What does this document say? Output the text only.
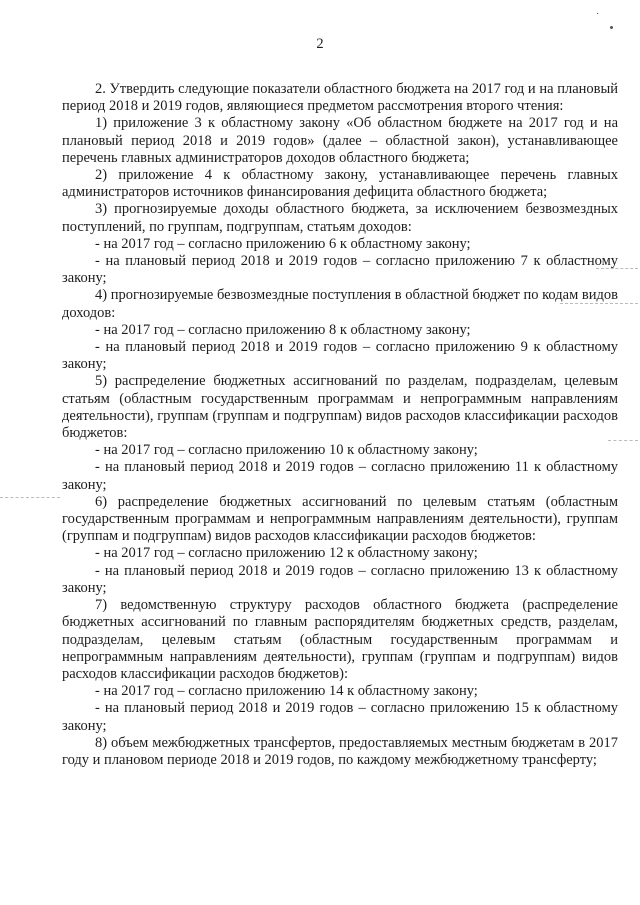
˙
2

2. Утвердить следующие показатели областного бюджета на 2017 год и на плановый период 2018 и 2019 годов, являющиеся предметом рассмотрения второго чтения:

1) приложение 3 к областному закону «Об областном бюджете на 2017 год и на плановый период 2018 и 2019 годов» (далее – областной закон), устанавливающее перечень главных администраторов доходов областного бюджета;

2) приложение 4 к областному закону, устанавливающее перечень главных администраторов источников финансирования дефицита областного бюджета;

3) прогнозируемые доходы областного бюджета, за исключением безвозмездных поступлений, по группам, подгруппам, статьям доходов:

- на 2017 год – согласно приложению 6 к областному закону;

- на плановый период 2018 и 2019 годов – согласно приложению 7 к областному закону;

4) прогнозируемые безвозмездные поступления в областной бюджет по кодам видов доходов:

- на 2017 год – согласно приложению 8 к областному закону;

- на плановый период 2018 и 2019 годов – согласно приложению 9 к областному закону;

5) распределение бюджетных ассигнований по разделам, подразделам, целевым статьям (областным государственным программам и непрограммным направлениям деятельности), группам (группам и подгруппам) видов расходов классификации расходов бюджетов:

- на 2017 год – согласно приложению 10 к областному закону;

- на плановый период 2018 и 2019 годов – согласно приложению 11 к областному закону;

6) распределение бюджетных ассигнований по целевым статьям (областным государственным программам и непрограммным направлениям деятельности), группам (группам и подгруппам) видов расходов классификации расходов бюджетов:

- на 2017 год – согласно приложению 12 к областному закону;

- на плановый период 2018 и 2019 годов – согласно приложению 13 к областному закону;

7) ведомственную структуру расходов областного бюджета (распределение бюджетных ассигнований по главным распорядителям бюджетных средств, разделам, подразделам, целевым статьям (областным государственным программам и непрограммным направлениям деятельности), группам (группам и подгруппам) видов расходов классификации расходов бюджетов):

- на 2017 год – согласно приложению 14 к областному закону;

- на плановый период 2018 и 2019 годов – согласно приложению 15 к областному закону;

8) объем межбюджетных трансфертов, предоставляемых местным бюджетам в 2017 году и плановом периоде 2018 и 2019 годов, по каждому межбюджетному трансферту;
